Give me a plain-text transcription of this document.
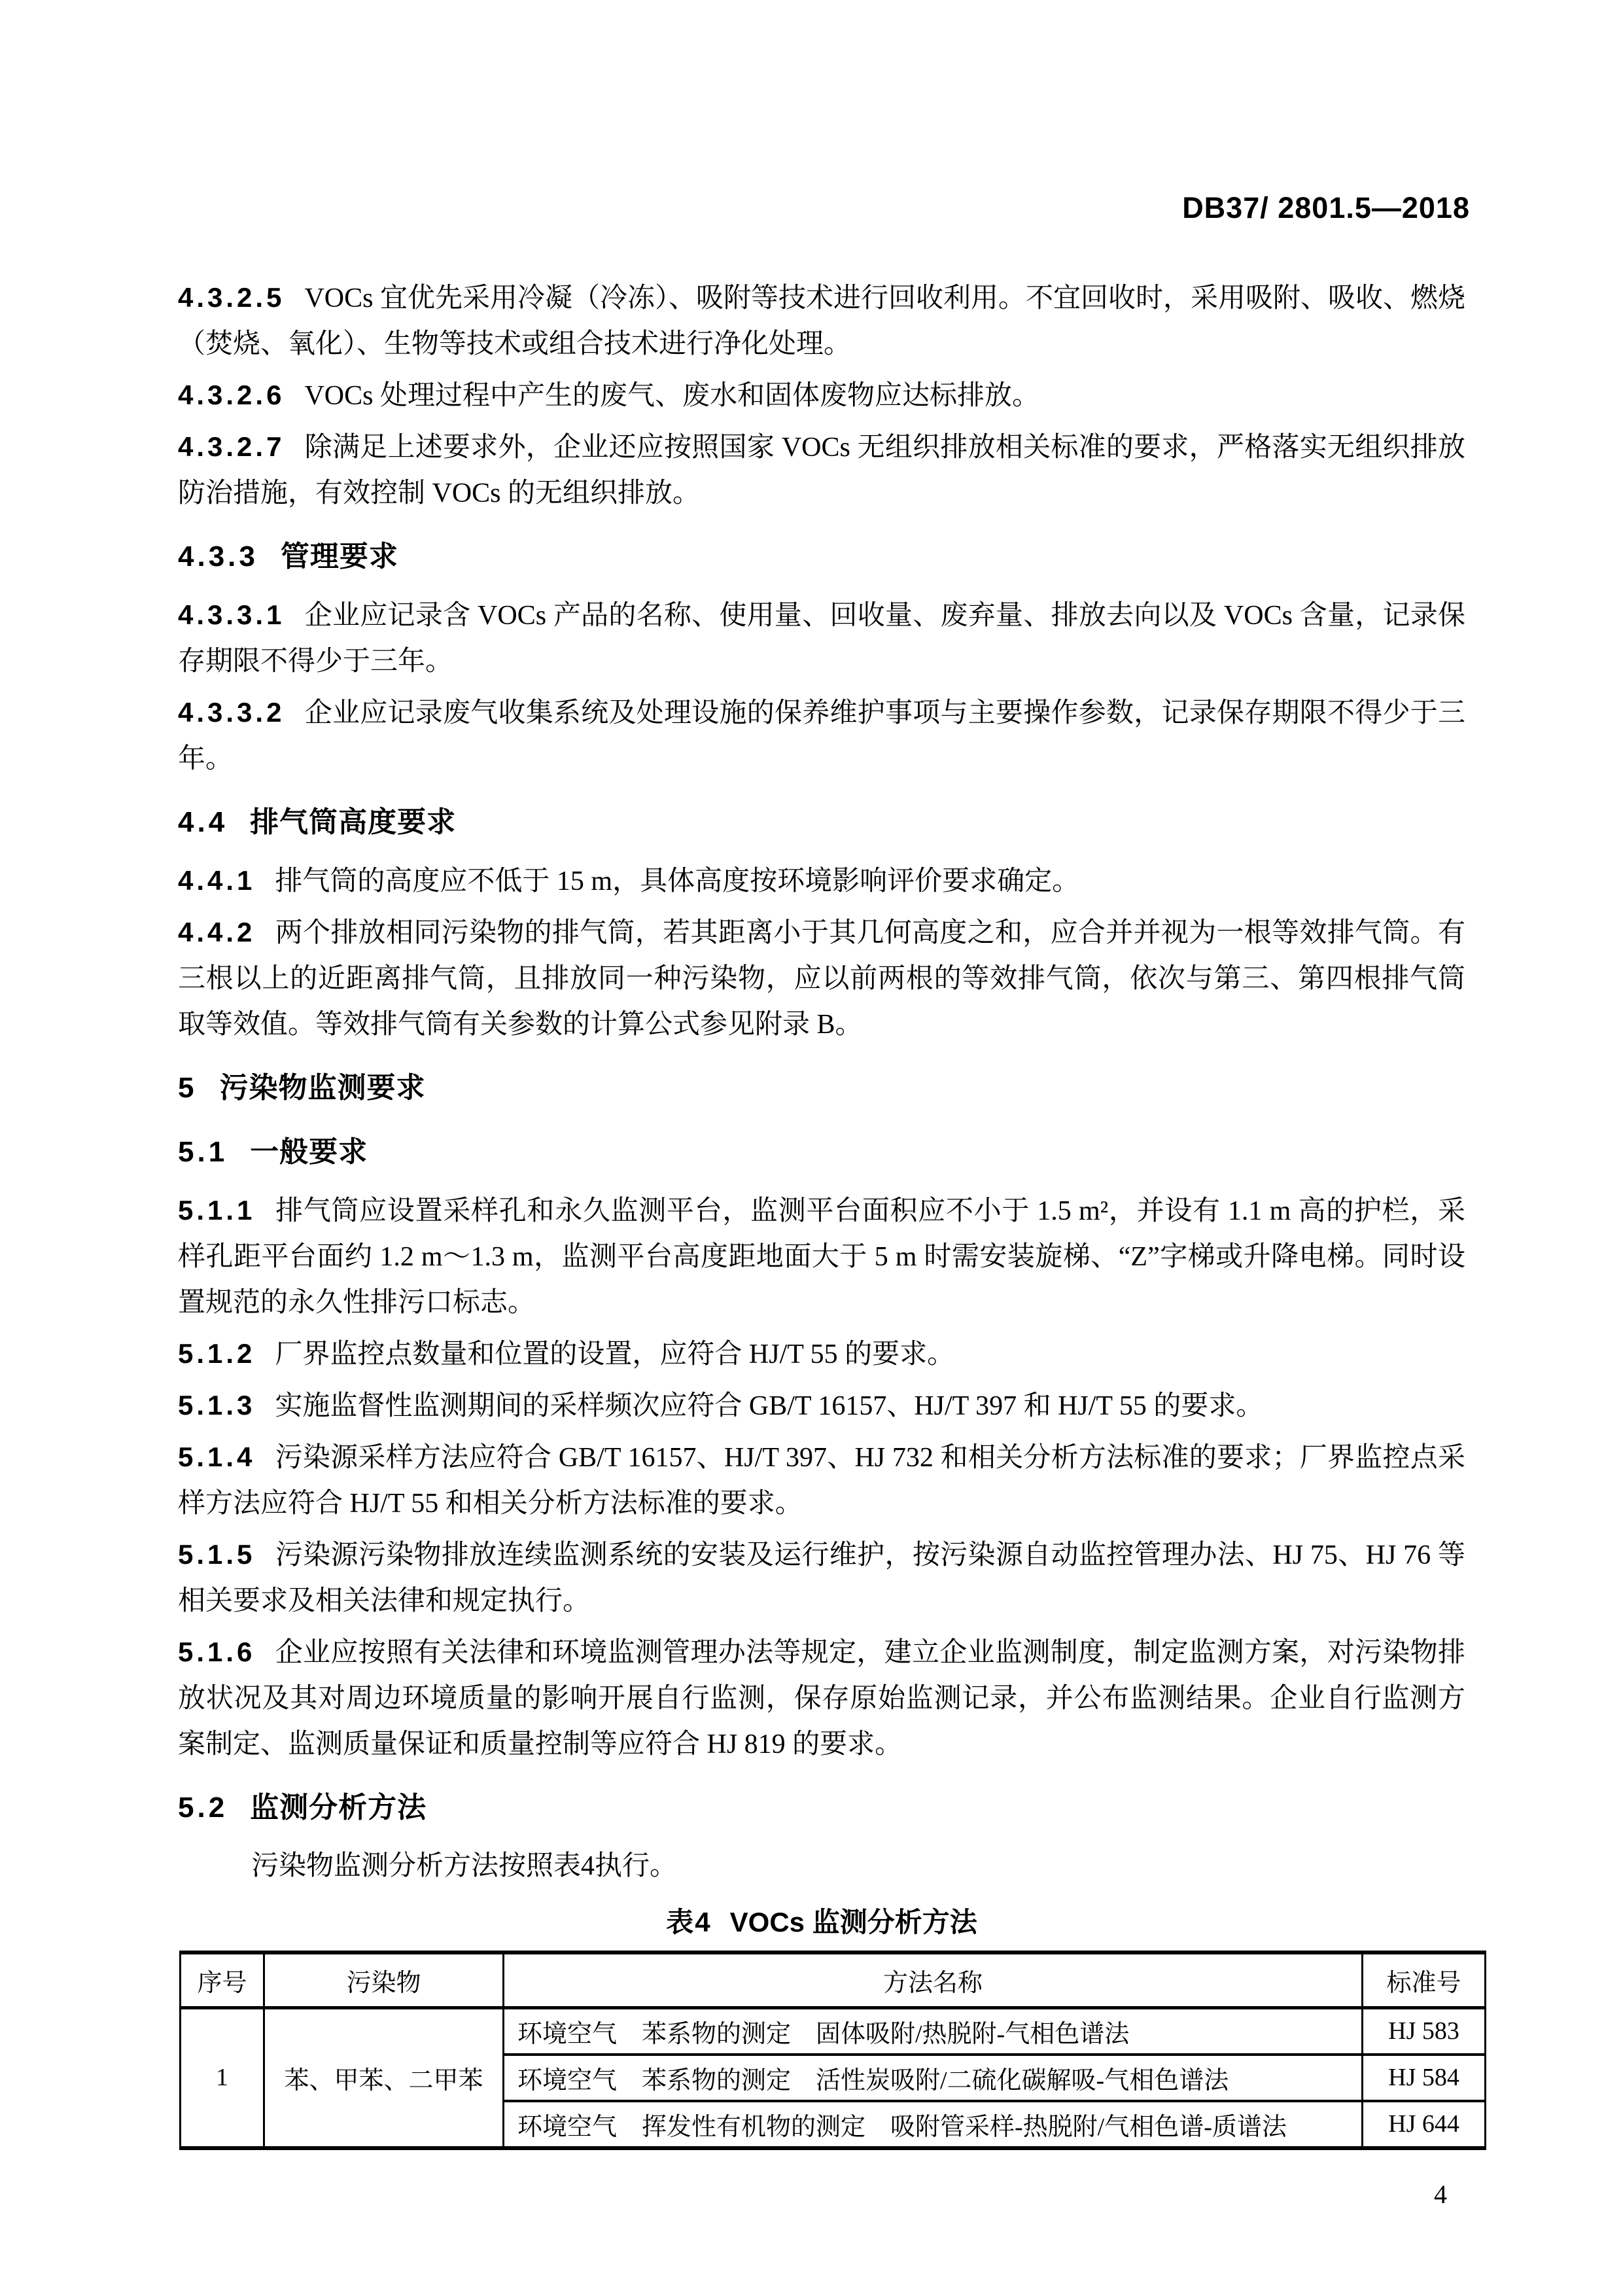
DB37/ 2801.5—2018

4.3.2.5 VOCs 宜优先采用冷凝（冷冻）、吸附等技术进行回收利用。不宜回收时，采用吸附、吸收、燃烧（焚烧、氧化）、生物等技术或组合技术进行净化处理。

4.3.2.6 VOCs 处理过程中产生的废气、废水和固体废物应达标排放。

4.3.2.7 除满足上述要求外，企业还应按照国家 VOCs 无组织排放相关标准的要求，严格落实无组织排放防治措施，有效控制 VOCs 的无组织排放。

4.3.3 管理要求

4.3.3.1 企业应记录含 VOCs 产品的名称、使用量、回收量、废弃量、排放去向以及 VOCs 含量，记录保存期限不得少于三年。

4.3.3.2 企业应记录废气收集系统及处理设施的保养维护事项与主要操作参数，记录保存期限不得少于三年。

4.4 排气筒高度要求

4.4.1 排气筒的高度应不低于 15 m，具体高度按环境影响评价要求确定。

4.4.2 两个排放相同污染物的排气筒，若其距离小于其几何高度之和，应合并并视为一根等效排气筒。有三根以上的近距离排气筒，且排放同一种污染物，应以前两根的等效排气筒，依次与第三、第四根排气筒取等效值。等效排气筒有关参数的计算公式参见附录 B。

5 污染物监测要求
5.1 一般要求

5.1.1 排气筒应设置采样孔和永久监测平台，监测平台面积应不小于 1.5 m²，并设有 1.1 m 高的护栏，采样孔距平台面约 1.2 m～1.3 m，监测平台高度距地面大于 5 m 时需安装旋梯、“Z”字梯或升降电梯。同时设置规范的永久性排污口标志。

5.1.2 厂界监控点数量和位置的设置，应符合 HJ/T 55 的要求。

5.1.3 实施监督性监测期间的采样频次应符合 GB/T 16157、HJ/T 397 和 HJ/T 55 的要求。

5.1.4 污染源采样方法应符合 GB/T 16157、HJ/T 397、HJ 732 和相关分析方法标准的要求；厂界监控点采样方法应符合 HJ/T 55 和相关分析方法标准的要求。

5.1.5 污染源污染物排放连续监测系统的安装及运行维护，按污染源自动监控管理办法、HJ 75、HJ 76 等相关要求及相关法律和规定执行。

5.1.6 企业应按照有关法律和环境监测管理办法等规定，建立企业监测制度，制定监测方案，对污染物排放状况及其对周边环境质量的影响开展自行监测，保存原始监测记录，并公布监测结果。企业自行监测方案制定、监测质量保证和质量控制等应符合 HJ 819 的要求。

5.2 监测分析方法

污染物监测分析方法按照表4执行。

表4 VOCs 监测分析方法
序号	污染物	方法名称	标准号
1	苯、甲苯、二甲苯	环境空气　苯系物的测定　固体吸附/热脱附-气相色谱法	HJ 583
		环境空气　苯系物的测定　活性炭吸附/二硫化碳解吸-气相色谱法	HJ 584
		环境空气　挥发性有机物的测定　吸附管采样-热脱附/气相色谱-质谱法	HJ 644
4
